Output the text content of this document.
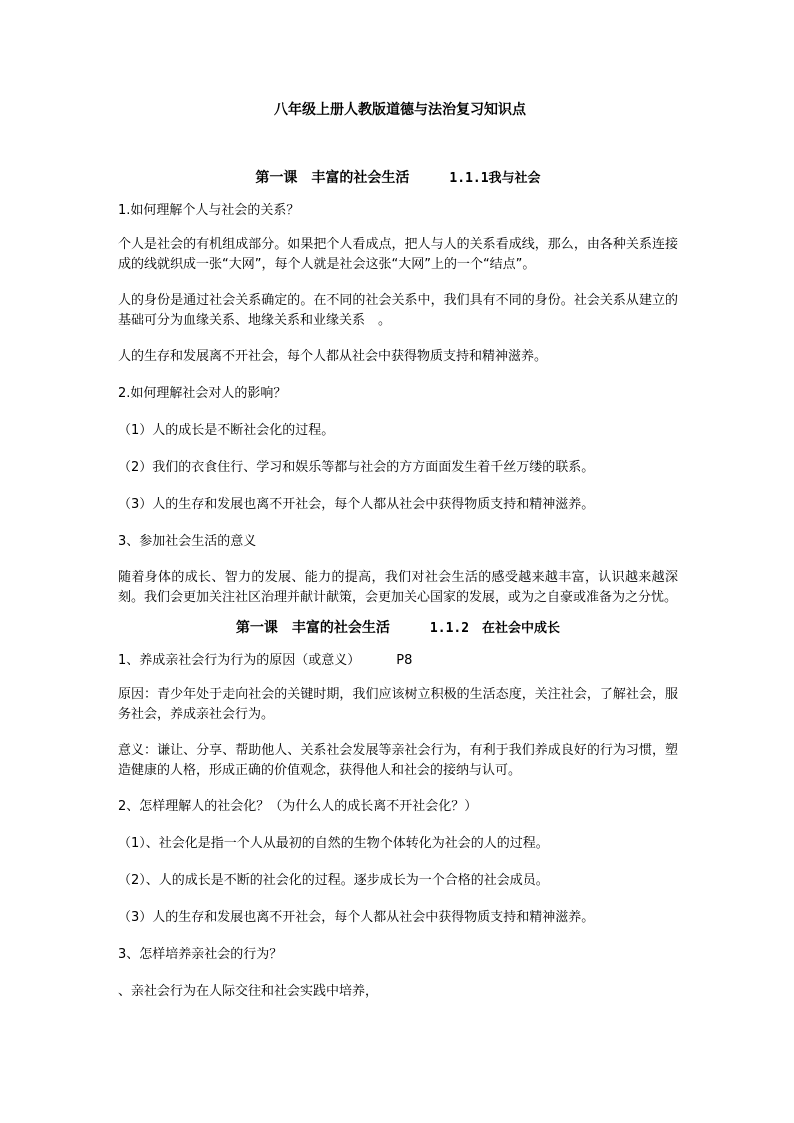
八年级上册人教版道德与法治复习知识点
第一课　丰富的社会生活	1.1.1我与社会

1.如何理解个人与社会的关系？

个人是社会的有机组成部分。如果把个人看成点，把人与人的关系看成线，那么，由各种关系连接成的线就织成一张“大网”，每个人就是社会这张“大网”上的一个“结点”。

人的身份是通过社会关系确定的。在不同的社会关系中，我们具有不同的身份。社会关系从建立的基础可分为血缘关系、地缘关系和业缘关系　。

人的生存和发展离不开社会，每个人都从社会中获得物质支持和精神滋养。

2.如何理解社会对人的影响？

（1）人的成长是不断社会化的过程。

（2）我们的衣食住行、学习和娱乐等都与社会的方方面面发生着千丝万缕的联系。

（3）人的生存和发展也离不开社会，每个人都从社会中获得物质支持和精神滋养。

3、参加社会生活的意义

随着身体的成长、智力的发展、能力的提高，我们对社会生活的感受越来越丰富，认识越来越深刻。我们会更加关注社区治理并献计献策，会更加关心国家的发展，或为之自豪或准备为之分忧。

第一课　丰富的社会生活	1.1.2　在社会中成长

1、养成亲社会行为行为的原因（或意义）	P8

原因：青少年处于走向社会的关键时期，我们应该树立积极的生活态度，关注社会，了解社会，服务社会，养成亲社会行为。

意义：谦让、分享、帮助他人、关系社会发展等亲社会行为，有利于我们养成良好的行为习惯，塑造健康的人格，形成正确的价值观念，获得他人和社会的接纳与认可。

2、怎样理解人的社会化？（为什么人的成长离不开社会化？）

（1）、社会化是指一个人从最初的自然的生物个体转化为社会的人的过程。

（2）、人的成长是不断的社会化的过程。逐步成长为一个合格的社会成员。

（3）人的生存和发展也离不开社会，每个人都从社会中获得物质支持和精神滋养。

3、怎样培养亲社会的行为？

、亲社会行为在人际交往和社会实践中培养，
